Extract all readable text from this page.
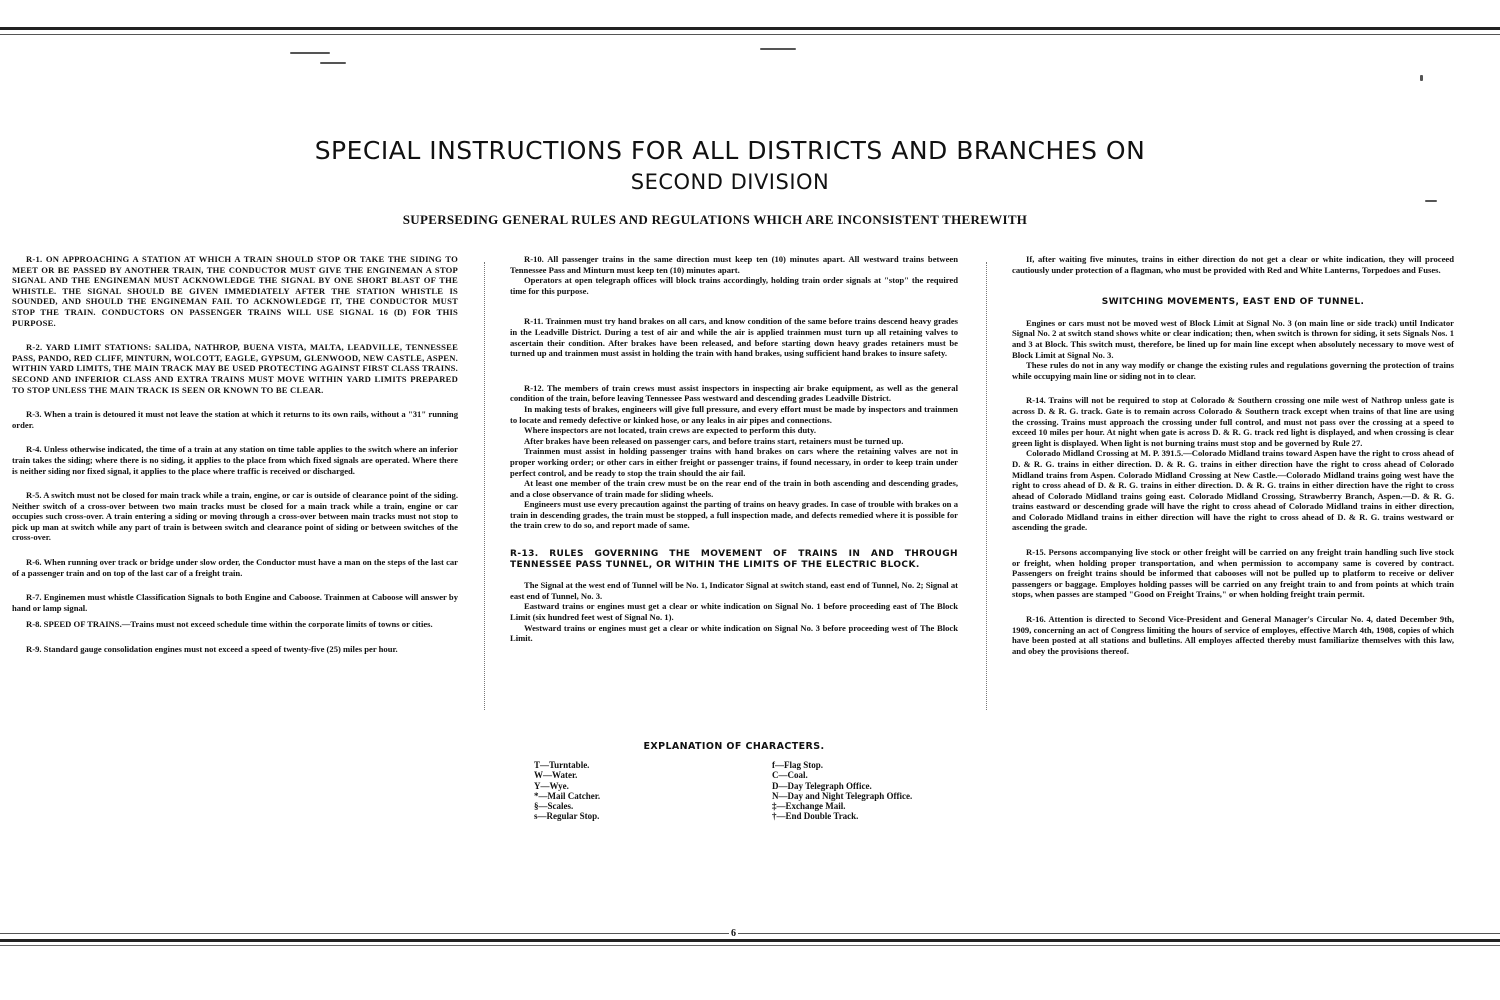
SPECIAL INSTRUCTIONS FOR ALL DISTRICTS AND BRANCHES ON
SECOND DIVISION
SUPERSEDING GENERAL RULES AND REGULATIONS WHICH ARE INCONSISTENT THEREWITH

R-1. ON APPROACHING A STATION AT WHICH A TRAIN SHOULD STOP OR TAKE THE SIDING TO MEET OR BE PASSED BY ANOTHER TRAIN, THE CONDUCTOR MUST GIVE THE ENGINEMAN A STOP SIGNAL AND THE ENGINEMAN MUST ACKNOWLEDGE THE SIGNAL BY ONE SHORT BLAST OF THE WHISTLE. THE SIGNAL SHOULD BE GIVEN IMMEDIATELY AFTER THE STATION WHISTLE IS SOUNDED, AND SHOULD THE ENGINEMAN FAIL TO ACKNOWLEDGE IT, THE CONDUCTOR MUST STOP THE TRAIN. CONDUCTORS ON PASSENGER TRAINS WILL USE SIGNAL 16 (D) FOR THIS PURPOSE.

R-2. YARD LIMIT STATIONS: SALIDA, NATHROP, BUENA VISTA, MALTA, LEADVILLE, TENNESSEE PASS, PANDO, RED CLIFF, MINTURN, WOLCOTT, EAGLE, GYPSUM, GLENWOOD, NEW CASTLE, ASPEN. WITHIN YARD LIMITS, THE MAIN TRACK MAY BE USED PROTECTING AGAINST FIRST CLASS TRAINS. SECOND AND INFERIOR CLASS AND EXTRA TRAINS MUST MOVE WITHIN YARD LIMITS PREPARED TO STOP UNLESS THE MAIN TRACK IS SEEN OR KNOWN TO BE CLEAR.

R-3. When a train is detoured it must not leave the station at which it returns to its own rails, without a "31" running order.

R-4. Unless otherwise indicated, the time of a train at any station on time table applies to the switch where an inferior train takes the siding; where there is no siding, it applies to the place from which fixed signals are operated. Where there is neither siding nor fixed signal, it applies to the place where traffic is received or discharged.

R-5. A switch must not be closed for main track while a train, engine, or car is outside of clearance point of the siding. Neither switch of a cross-over between two main tracks must be closed for a main track while a train, engine or car occupies such cross-over. A train entering a siding or moving through a cross-over between main tracks must not stop to pick up man at switch while any part of train is between switch and clearance point of siding or between switches of the cross-over.

R-6. When running over track or bridge under slow order, the Conductor must have a man on the steps of the last car of a passenger train and on top of the last car of a freight train.

R-7. Enginemen must whistle Classification Signals to both Engine and Caboose. Trainmen at Caboose will answer by hand or lamp signal.

R-8. SPEED OF TRAINS.—Trains must not exceed schedule time within the corporate limits of towns or cities.

R-9. Standard gauge consolidation engines must not exceed a speed of twenty-five (25) miles per hour.

R-10. All passenger trains in the same direction must keep ten (10) minutes apart. All westward trains between Tennessee Pass and Minturn must keep ten (10) minutes apart.

Operators at open telegraph offices will block trains accordingly, holding train order signals at "stop" the required time for this purpose.

R-11. Trainmen must try hand brakes on all cars, and know condition of the same before trains descend heavy grades in the Leadville District. During a test of air and while the air is applied trainmen must turn up all retaining valves to ascertain their condition. After brakes have been released, and before starting down heavy grades retainers must be turned up and trainmen must assist in holding the train with hand brakes, using sufficient hand brakes to insure safety.

R-12. The members of train crews must assist inspectors in inspecting air brake equipment, as well as the general condition of the train, before leaving Tennessee Pass westward and descending grades Leadville District.

In making tests of brakes, engineers will give full pressure, and every effort must be made by inspectors and trainmen to locate and remedy defective or kinked hose, or any leaks in air pipes and connections.

Where inspectors are not located, train crews are expected to perform this duty.

After brakes have been released on passenger cars, and before trains start, retainers must be turned up.

Trainmen must assist in holding passenger trains with hand brakes on cars where the retaining valves are not in proper working order; or other cars in either freight or passenger trains, if found necessary, in order to keep train under perfect control, and be ready to stop the train should the air fail.

At least one member of the train crew must be on the rear end of the train in both ascending and descending grades, and a close observance of train made for sliding wheels.

Engineers must use every precaution against the parting of trains on heavy grades. In case of trouble with brakes on a train in descending grades, the train must be stopped, a full inspection made, and defects remedied where it is possible for the train crew to do so, and report made of same.

R-13. RULES GOVERNING THE MOVEMENT OF TRAINS IN AND THROUGH TENNESSEE PASS TUNNEL, OR WITHIN THE LIMITS OF THE ELECTRIC BLOCK.

The Signal at the west end of Tunnel will be No. 1, Indicator Signal at switch stand, east end of Tunnel, No. 2; Signal at east end of Tunnel, No. 3.

Eastward trains or engines must get a clear or white indication on Signal No. 1 before proceeding east of The Block Limit (six hundred feet west of Signal No. 1).

Westward trains or engines must get a clear or white indication on Signal No. 3 before proceeding west of The Block Limit.

If, after waiting five minutes, trains in either direction do not get a clear or white indication, they will proceed cautiously under protection of a flagman, who must be provided with Red and White Lanterns, Torpedoes and Fuses.

SWITCHING MOVEMENTS, EAST END OF TUNNEL.

Engines or cars must not be moved west of Block Limit at Signal No. 3 (on main line or side track) until Indicator Signal No. 2 at switch stand shows white or clear indication; then, when switch is thrown for siding, it sets Signals Nos. 1 and 3 at Block. This switch must, therefore, be lined up for main line except when absolutely necessary to move west of Block Limit at Signal No. 3.

These rules do not in any way modify or change the existing rules and regulations governing the protection of trains while occupying main line or siding not in to clear.

R-14. Trains will not be required to stop at Colorado & Southern crossing one mile west of Nathrop unless gate is across D. & R. G. track. Gate is to remain across Colorado & Southern track except when trains of that line are using the crossing. Trains must approach the crossing under full control, and must not pass over the crossing at a speed to exceed 10 miles per hour. At night when gate is across D. & R. G. track red light is displayed, and when crossing is clear green light is displayed. When light is not burning trains must stop and be governed by Rule 27.

Colorado Midland Crossing at M. P. 391.5.—Colorado Midland trains toward Aspen have the right to cross ahead of D. & R. G. trains in either direction. D. & R. G. trains in either direction have the right to cross ahead of Colorado Midland trains from Aspen. Colorado Midland Crossing at New Castle.—Colorado Midland trains going west have the right to cross ahead of D. & R. G. trains in either direction. D. & R. G. trains in either direction have the right to cross ahead of Colorado Midland trains going east. Colorado Midland Crossing, Strawberry Branch, Aspen.—D. & R. G. trains eastward or descending grade will have the right to cross ahead of Colorado Midland trains in either direction, and Colorado Midland trains in either direction will have the right to cross ahead of D. & R. G. trains westward or ascending the grade.

R-15. Persons accompanying live stock or other freight will be carried on any freight train handling such live stock or freight, when holding proper transportation, and when permission to accompany same is covered by contract. Passengers on freight trains should be informed that cabooses will not be pulled up to platform to receive or deliver passengers or baggage. Employes holding passes will be carried on any freight train to and from points at which train stops, when passes are stamped "Good on Freight Trains," or when holding freight train permit.

R-16. Attention is directed to Second Vice-President and General Manager's Circular No. 4, dated December 9th, 1909, concerning an act of Congress limiting the hours of service of employes, effective March 4th, 1908, copies of which have been posted at all stations and bulletins. All employes affected thereby must familiarize themselves with this law, and obey the provisions thereof.

EXPLANATION OF CHARACTERS.
T—Turntable.
W—Water.
Y—Wye.
*—Mail Catcher.
§—Scales.
s—Regular Stop.
f—Flag Stop.
C—Coal.
D—Day Telegraph Office.
N—Day and Night Telegraph Office.
‡—Exchange Mail.
†—End Double Track.
6
